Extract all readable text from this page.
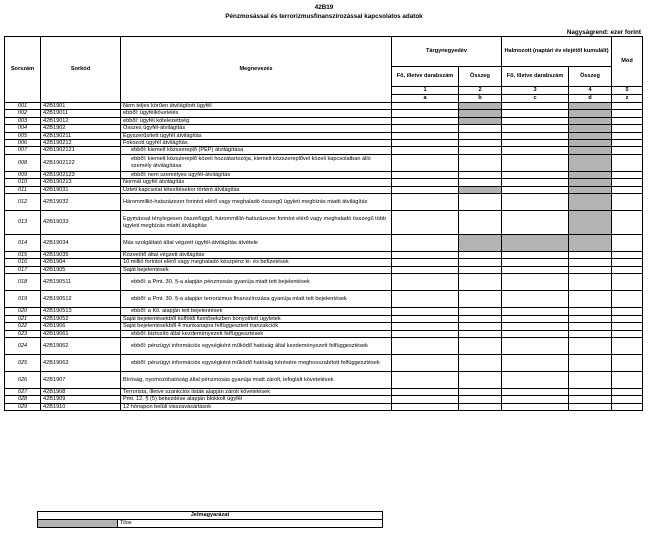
42B19
Pénzmosással és terrorizmusfinanszírozással kapcsolatos adatok
Nagyságrend: ezer forint
Sorszám	Sorkód	Megnevezés	Tárgynegyedév		Halmozott (naptári év elejétől kumulált)		Mód
			Fő, illetve darabszám	Összeg	Fő, illetve darabszám	Összeg	
			1	2	3	4	5
			a	b	c	d	z
001	42B1901	Nem teljes körűen átvilágított ügyfél					
002	42B19011	ebből: ügyfélkövetelés					
003	42B19012	ebből: ügyfél kötelezettség					
004	42B1902	Összes ügyfél-átvilágítás					
005	42B190211	Egyszerűsített ügyfél átvilágítás					
006	42B190212	Fokozott ügyfél átvilágítás					
007	42B1902121	ebből: kiemelt közszereplő (PEP) átvilágítása					
008	42B1902122	ebből: kiemelt közszereplő közeli hozzátartozója, kiemelt közszereplővel közeli kapcsolatban álló személy átvilágítása					
009	42B1902123	ebből: nem személyes ügyfél-átvilágítás					
010	42B190213	Normál ügyfél átvilágítás					
011	42B19031	Üzleti kapcsolat létesítésekor történt átvilágítás					
012	42B19032	Hárommillió-hatszázezer forintot elérő vagy meghaladó összegű ügyleti megbízás miatti átvilágítás					
013	42B19033	Egymással ténylegesen összefüggő, hárommillió-hatszázezer forintot elérő vagy meghaladó összegű több ügyleti megbízás miatti átvilágítás					
014	42B19034	Más szolgáltató által végzett ügyfél-átvilágítás átvétele					
015	42B19035	Közvetítő által végzett átvilágítás					
016	42B1904	10 millió forintot elérő vagy meghaladó készpénz ki- és befizetések					
017	42B1905	Saját bejelentések					
018	42B190511	ebből: a Pmt. 30. §-a alapján pénzmosás gyanúja miatt tett bejelentések					
019	42B190512	ebből: a Pmt. 30. §-a alapján terrorizmus finanszírozása gyanúja miatt tett bejelentések					
020	42B190513	ebből: a Kit. alapján tett bejelentések					
021	42B19052	Saját bejelentésekből külföldi fizetősekzben bonyolított ügyletek					
022	42B1906	Saját bejelentésekből 4 munkanapra felfüggesztett tranzakciók					
023	42B19061	ebből: biztosító által kezdeményezett felfüggesztések					
024	42B19062	ebből: pénzügyi információs egységként működő hatóság által kezdeményezett felfüggesztések					
025	42B19063	ebből: pénzügyi információs egységként működő hatóság kérésére meghosszabított felfüggesztések					
026	42B1907	Bíróság, nyomozóhatóság által pénzmosás gyanúja miatt zárolt, lefoglalt követelések					
027	42B1908	Terrorista, illetve szankciós listák alapján zárolt követelések					
028	42B1909	Pmt. 12. § (5) bekezdése alapján blokkolt ügyfél					
029	42B1910	12 hónapon belüli visszavásárlások					
Jelmagyarázat
	Tilos
